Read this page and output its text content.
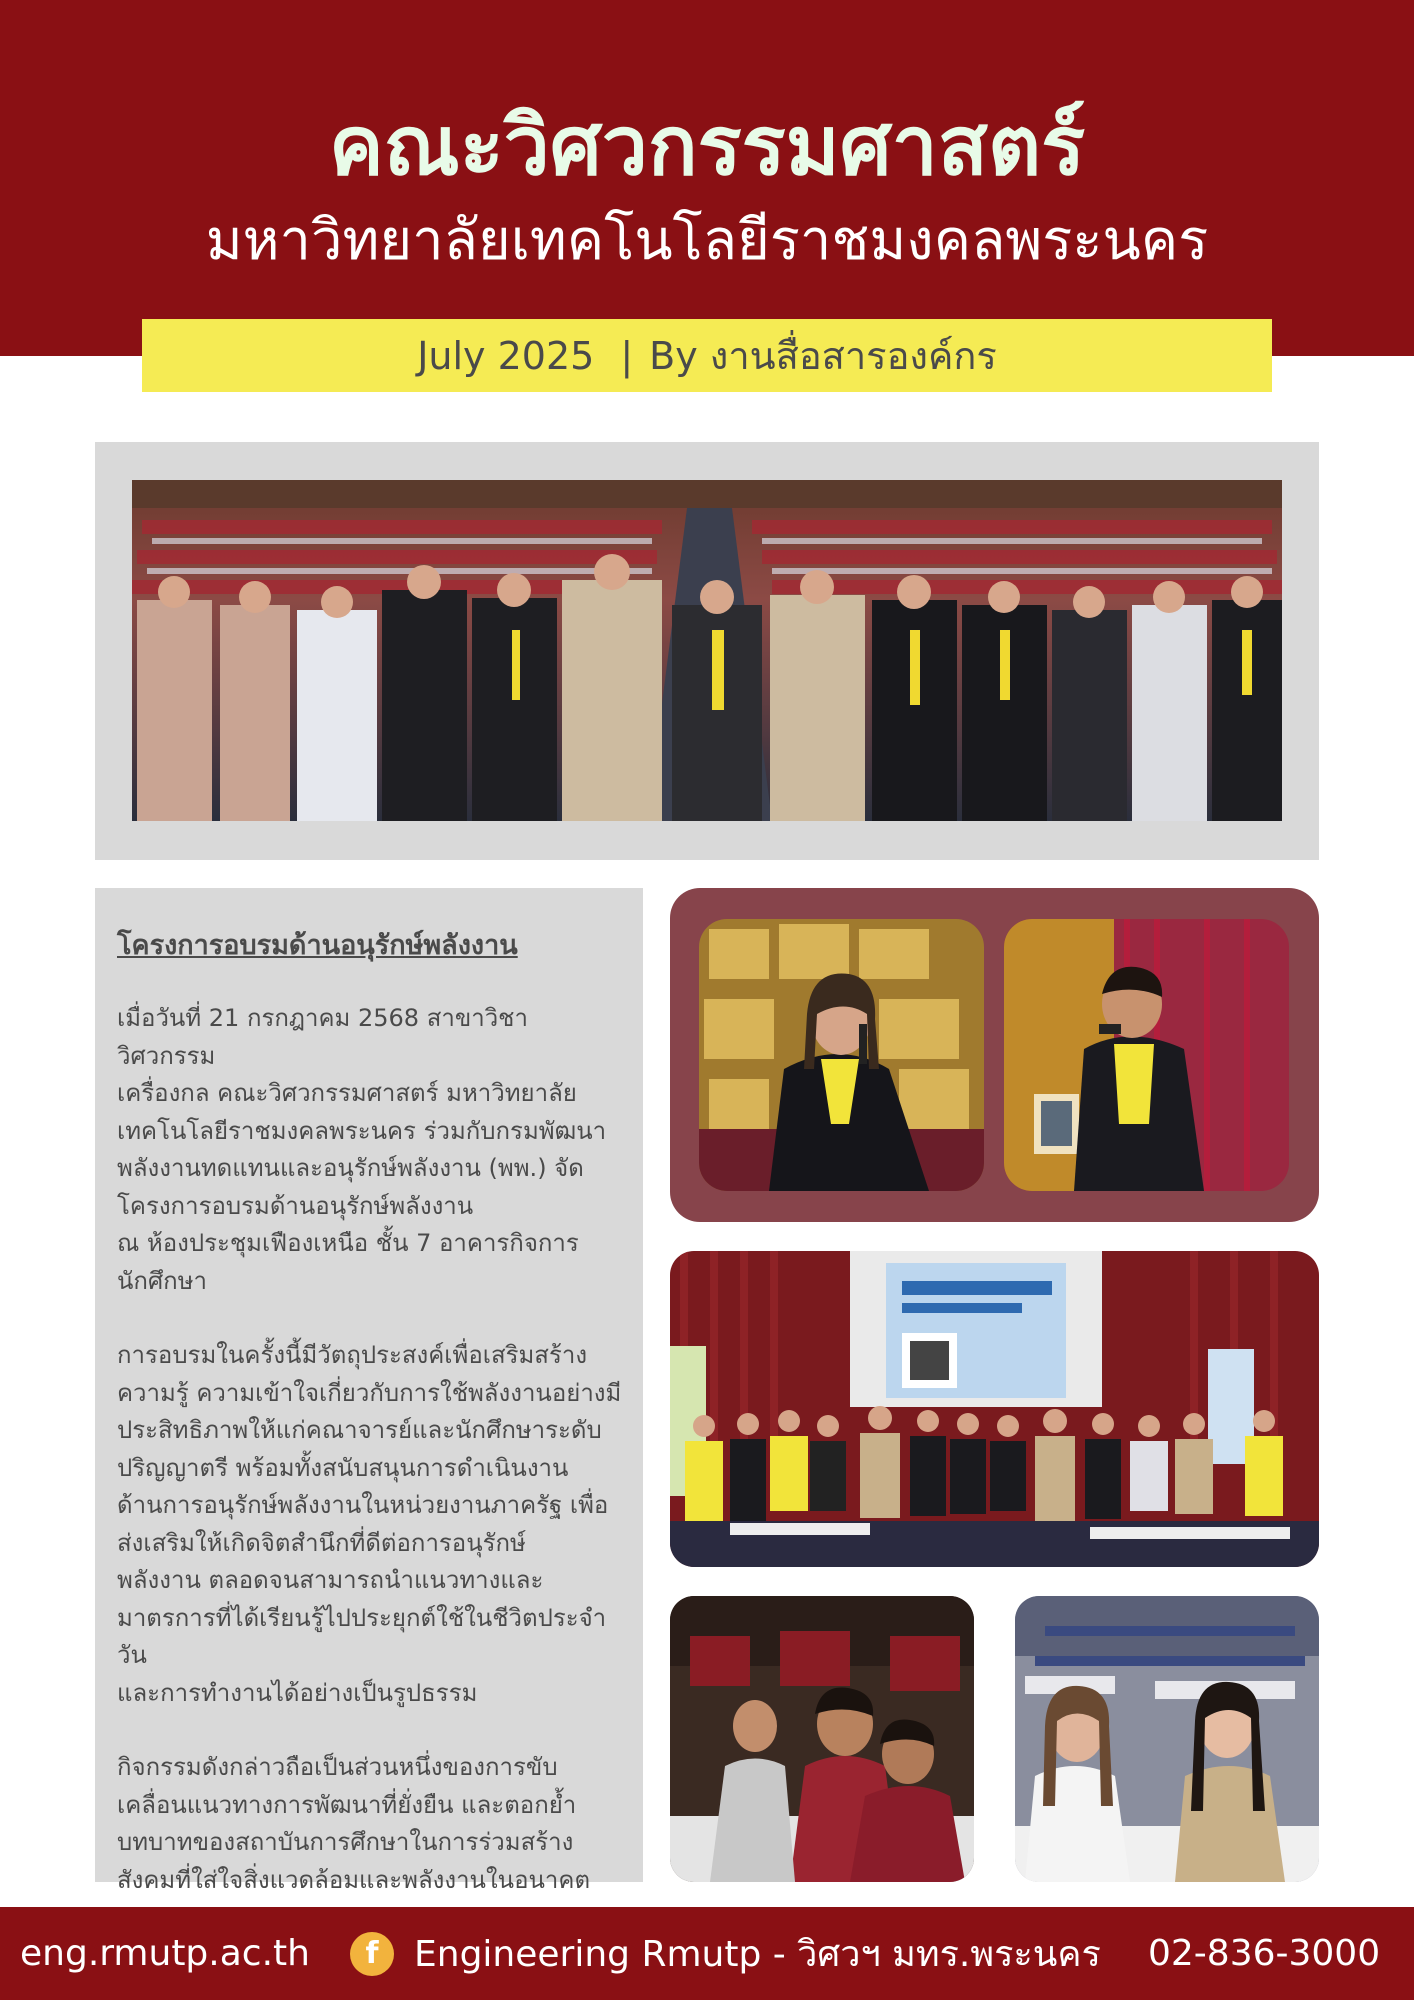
คณะวิศวกรรมศาสตร์
มหาวิทยาลัยเทคโนโลยีราชมงคลพระนคร
July 2025 | By งานสื่อสารองค์กร
โครงการอบรมด้านอนุรักษ์พลังงาน
เมื่อวันที่ 21 กรกฎาคม 2568 สาขาวิชาวิศวกรรม
เครื่องกล คณะวิศวกรรมศาสตร์ มหาวิทยาลัย
เทคโนโลยีราชมงคลพระนคร ร่วมกับกรมพัฒนา
พลังงานทดแทนและอนุรักษ์พลังงาน (พพ.) จัด
โครงการอบรมด้านอนุรักษ์พลังงาน
ณ ห้องประชุมเฟืองเหนือ ชั้น 7 อาคารกิจการ
นักศึกษา
การอบรมในครั้งนี้มีวัตถุประสงค์เพื่อเสริมสร้าง
ความรู้ ความเข้าใจเกี่ยวกับการใช้พลังงานอย่างมี
ประสิทธิภาพให้แก่คณาจารย์และนักศึกษาระดับ
ปริญญาตรี พร้อมทั้งสนับสนุนการดำเนินงาน
ด้านการอนุรักษ์พลังงานในหน่วยงานภาครัฐ เพื่อ
ส่งเสริมให้เกิดจิตสำนึกที่ดีต่อการอนุรักษ์
พลังงาน ตลอดจนสามารถนำแนวทางและ
มาตรการที่ได้เรียนรู้ไปประยุกต์ใช้ในชีวิตประจำวัน
และการทำงานได้อย่างเป็นรูปธรรม
กิจกรรมดังกล่าวถือเป็นส่วนหนึ่งของการขับ
เคลื่อนแนวทางการพัฒนาที่ยั่งยืน และตอกย้ำ
บทบาทของสถาบันการศึกษาในการร่วมสร้าง
สังคมที่ใส่ใจสิ่งแวดล้อมและพลังงานในอนาคต
eng.rmutp.ac.th	f Engineering Rmutp - วิศวฯ มทร.พระนคร 02-836-3000
